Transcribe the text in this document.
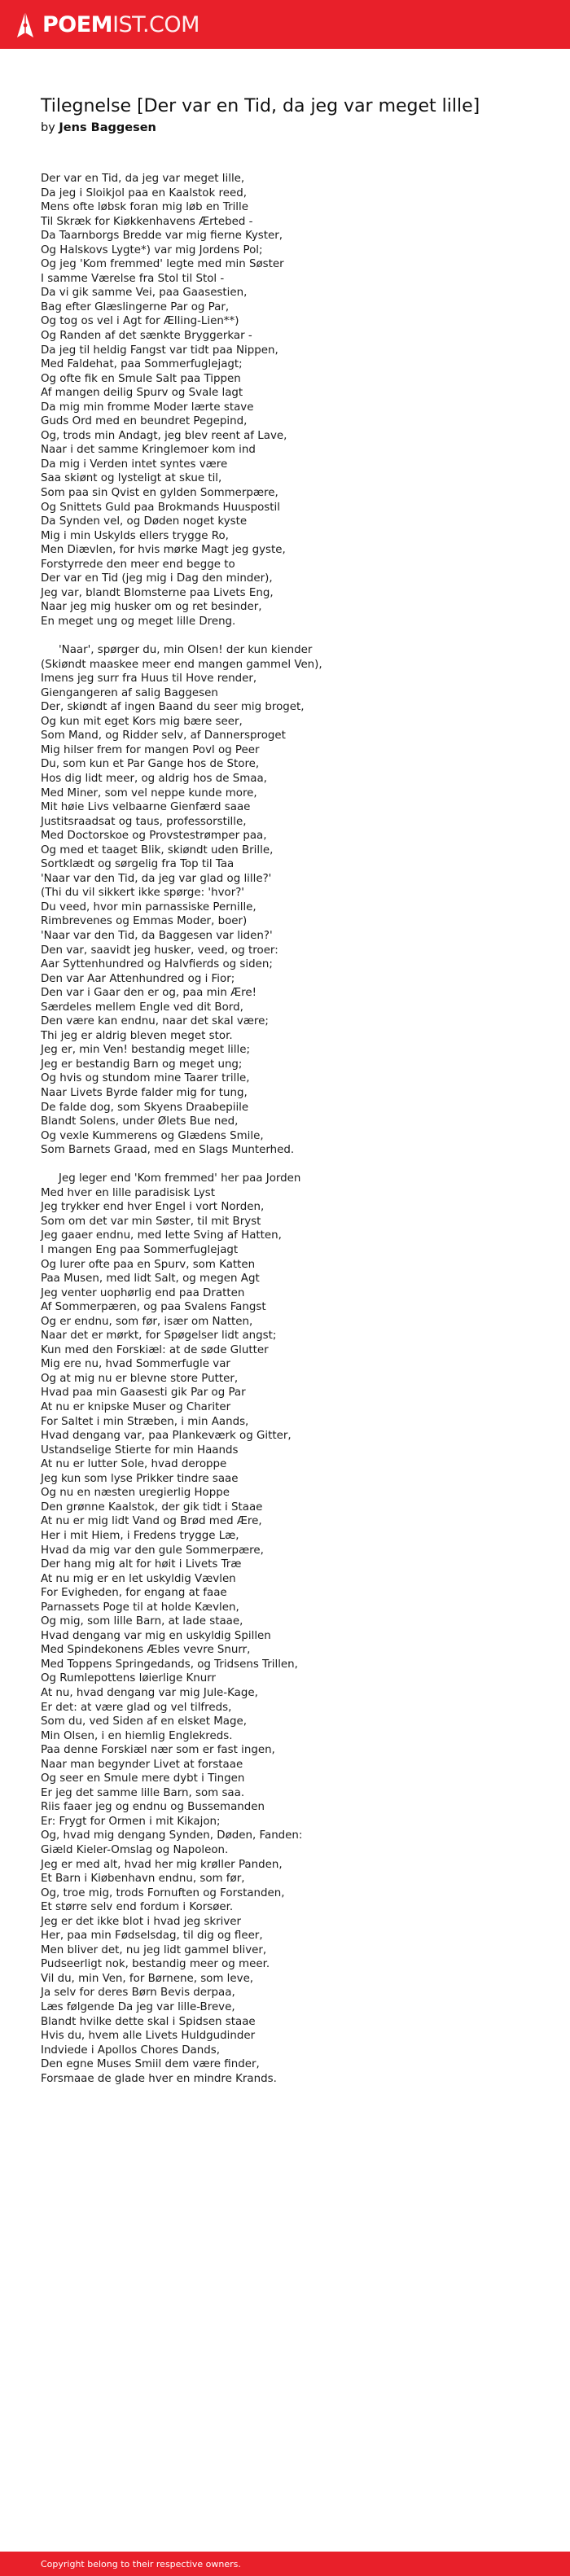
POEMIST.COM
Tilegnelse [Der var en Tid, da jeg var meget lille]
by Jens Baggesen
Der var en Tid, da jeg var meget lille,
Da jeg i Sloikjol paa en Kaalstok reed,
Mens ofte løbsk foran mig løb en Trille
Til Skræk for Kiøkkenhavens Ærtebed -
Da Taarnborgs Bredde var mig fierne Kyster,
Og Halskovs Lygte*) var mig Jordens Pol;
Og jeg 'Kom fremmed' legte med min Søster
I samme Værelse fra Stol til Stol -
Da vi gik samme Vei, paa Gaasestien,
Bag efter Glæslingerne Par og Par,
Og tog os vel i Agt for Ælling-Lien**)
Og Randen af det sænkte Bryggerkar -
Da jeg til heldig Fangst var tidt paa Nippen,
Med Faldehat, paa Sommerfuglejagt;
Og ofte fik en Smule Salt paa Tippen
Af mangen deilig Spurv og Svale lagt
Da mig min fromme Moder lærte stave
Guds Ord med en beundret Pegepind,
Og, trods min Andagt, jeg blev reent af Lave,
Naar i det samme Kringlemoer kom ind
Da mig i Verden intet syntes være
Saa skiønt og lysteligt at skue til,
Som paa sin Qvist en gylden Sommerpære,
Og Snittets Guld paa Brokmands Huuspostil
Da Synden vel, og Døden noget kyste
Mig i min Uskylds ellers trygge Ro,
Men Diævlen, for hvis mørke Magt jeg gyste,
Forstyrrede den meer end begge to
Der var en Tid (jeg mig i Dag den minder),
Jeg var, blandt Blomsterne paa Livets Eng,
Naar jeg mig husker om og ret besinder,
En meget ung og meget lille Dreng.
'Naar', spørger du, min Olsen! der kun kiender
(Skiøndt maaskee meer end mangen gammel Ven),
Imens jeg surr fra Huus til Hove render,
Giengangeren af salig Baggesen
Der, skiøndt af ingen Baand du seer mig broget,
Og kun mit eget Kors mig bære seer,
Som Mand, og Ridder selv, af Dannersproget
Mig hilser frem for mangen Povl og Peer
Du, som kun et Par Gange hos de Store,
Hos dig lidt meer, og aldrig hos de Smaa,
Med Miner, som vel neppe kunde more,
Mit høie Livs velbaarne Gienfærd saae
Justitsraadsat og taus, professorstille,
Med Doctorskoe og Provstestrømper paa,
Og med et taaget Blik, skiøndt uden Brille,
Sortklædt og sørgelig fra Top til Taa
'Naar var den Tid, da jeg var glad og lille?'
(Thi du vil sikkert ikke spørge: 'hvor?'
Du veed, hvor min parnassiske Pernille,
Rimbrevenes og Emmas Moder, boer)
'Naar var den Tid, da Baggesen var liden?'
Den var, saavidt jeg husker, veed, og troer:
Aar Syttenhundred og Halvfierds og siden;
Den var Aar Attenhundred og i Fior;
Den var i Gaar den er og, paa min Ære!
Særdeles mellem Engle ved dit Bord,
Den være kan endnu, naar det skal være;
Thi jeg er aldrig bleven meget stor.
Jeg er, min Ven! bestandig meget lille;
Jeg er bestandig Barn og meget ung;
Og hvis og stundom mine Taarer trille,
Naar Livets Byrde falder mig for tung,
De falde dog, som Skyens Draabepiile
Blandt Solens, under Ølets Bue ned,
Og vexle Kummerens og Glædens Smile,
Som Barnets Graad, med en Slags Munterhed.
Jeg leger end 'Kom fremmed' her paa Jorden
Med hver en lille paradisisk Lyst
Jeg trykker end hver Engel i vort Norden,
Som om det var min Søster, til mit Bryst
Jeg gaaer endnu, med lette Sving af Hatten,
I mangen Eng paa Sommerfuglejagt
Og lurer ofte paa en Spurv, som Katten
Paa Musen, med lidt Salt, og megen Agt
Jeg venter uophørlig end paa Dratten
Af Sommerpæren, og paa Svalens Fangst
Og er endnu, som før, især om Natten,
Naar det er mørkt, for Spøgelser lidt angst;
Kun med den Forskiæl: at de søde Glutter
Mig ere nu, hvad Sommerfugle var
Og at mig nu er blevne store Putter,
Hvad paa min Gaasesti gik Par og Par
At nu er knipske Muser og Chariter
For Saltet i min Stræben, i min Aands,
Hvad dengang var, paa Plankeværk og Gitter,
Ustandselige Stierte for min Haands
At nu er lutter Sole, hvad deroppe
Jeg kun som lyse Prikker tindre saae
Og nu en næsten uregierlig Hoppe
Den grønne Kaalstok, der gik tidt i Staae
At nu er mig lidt Vand og Brød med Ære,
Her i mit Hiem, i Fredens trygge Læ,
Hvad da mig var den gule Sommerpære,
Der hang mig alt for høit i Livets Træ
At nu mig er en let uskyldig Vævlen
For Evigheden, for engang at faae
Parnassets Poge til at holde Kævlen,
Og mig, som lille Barn, at lade staae,
Hvad dengang var mig en uskyldig Spillen
Med Spindekonens Æbles vevre Snurr,
Med Toppens Springedands, og Tridsens Trillen,
Og Rumlepottens løierlige Knurr
At nu, hvad dengang var mig Jule-Kage,
Er det: at være glad og vel tilfreds,
Som du, ved Siden af en elsket Mage,
Min Olsen, i en hiemlig Englekreds.
Paa denne Forskiæl nær som er fast ingen,
Naar man begynder Livet at forstaae
Og seer en Smule mere dybt i Tingen
Er jeg det samme lille Barn, som saa.
Riis faaer jeg og endnu og Bussemanden
Er: Frygt for Ormen i mit Kikajon;
Og, hvad mig dengang Synden, Døden, Fanden:
Giæld Kieler-Omslag og Napoleon.
Jeg er med alt, hvad her mig krøller Panden,
Et Barn i Kiøbenhavn endnu, som før,
Og, troe mig, trods Fornuften og Forstanden,
Et større selv end fordum i Korsøer.
Jeg er det ikke blot i hvad jeg skriver
Her, paa min Fødselsdag, til dig og fleer,
Men bliver det, nu jeg lidt gammel bliver,
Pudseerligt nok, bestandig meer og meer.
Vil du, min Ven, for Børnene, som leve,
Ja selv for deres Børn Bevis derpaa,
Læs følgende Da jeg var lille-Breve,
Blandt hvilke dette skal i Spidsen staae
Hvis du, hvem alle Livets Huldgudinder
Indviede i Apollos Chores Dands,
Den egne Muses Smiil dem være finder,
Forsmaae de glade hver en mindre Krands.
Copyright belong to their respective owners.
